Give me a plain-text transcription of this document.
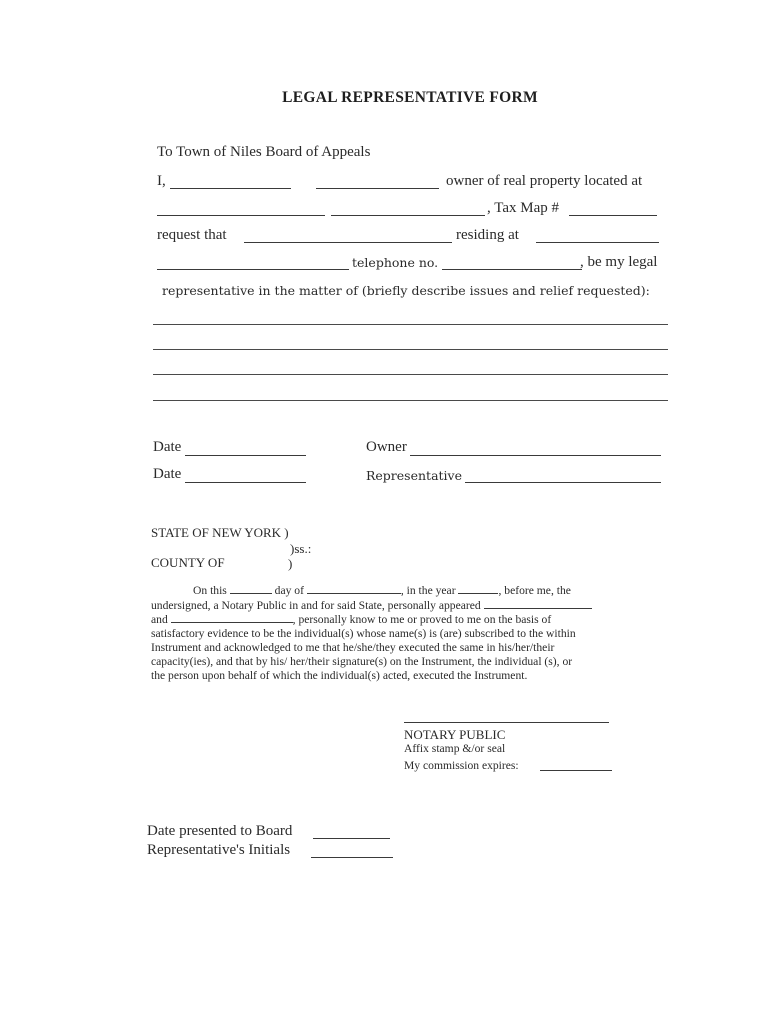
LEGAL REPRESENTATIVE FORM
To Town of Niles Board of Appeals
I,	owner of real property located at
, Tax Map #
request that	residing at
telephone no.	, be my legal
representative in the matter of (briefly describe issues and relief requested):
Date	Owner
Date	Representative
STATE OF NEW YORK )
)ss.:
COUNTY OF	)
On this	day of	, in the year	, before me, the
undersigned, a Notary Public in and for said State, personally appeared
and	, personally know to me or proved to me on the basis of
satisfactory evidence to be the individual(s) whose name(s) is (are) subscribed to the within
Instrument and acknowledged to me that he/she/they executed the same in his/her/their
capacity(ies), and that by his/ her/their signature(s) on the Instrument, the individual (s), or
the person upon behalf of which the individual(s) acted, executed the Instrument.
NOTARY PUBLIC
Affix stamp &/or seal
My commission expires:
Date presented to Board
Representative's Initials
